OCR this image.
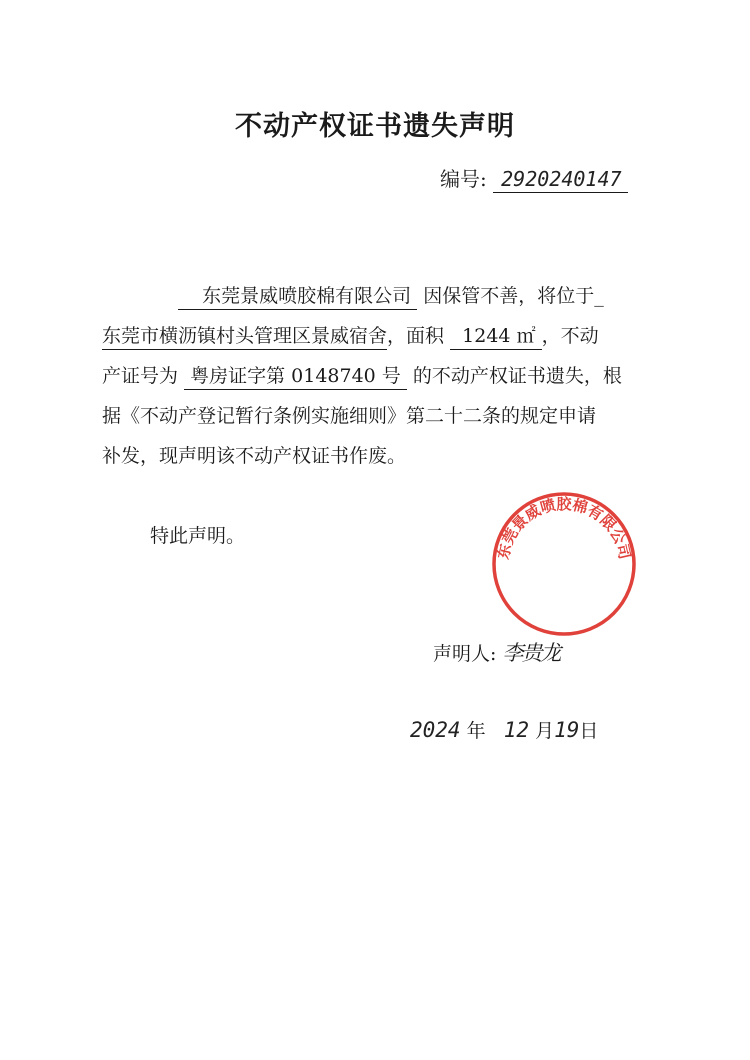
不动产权证书遗失声明
编号: 2920240147
东莞景威喷胶棉有限公司 因保管不善，将位于_
东莞市横沥镇村头管理区景威宿舍，面积 1244 ㎡ ，不动
产证号为 粤房证字第 0148740 号 的不动产权证书遗失，根
据《不动产登记暂行条例实施细则》第二十二条的规定申请
补发，现声明该不动产权证书作废。
特此声明。
声明人: 李贵龙
2024 年 12 月19日
东莞景威喷胶棉有限公司
